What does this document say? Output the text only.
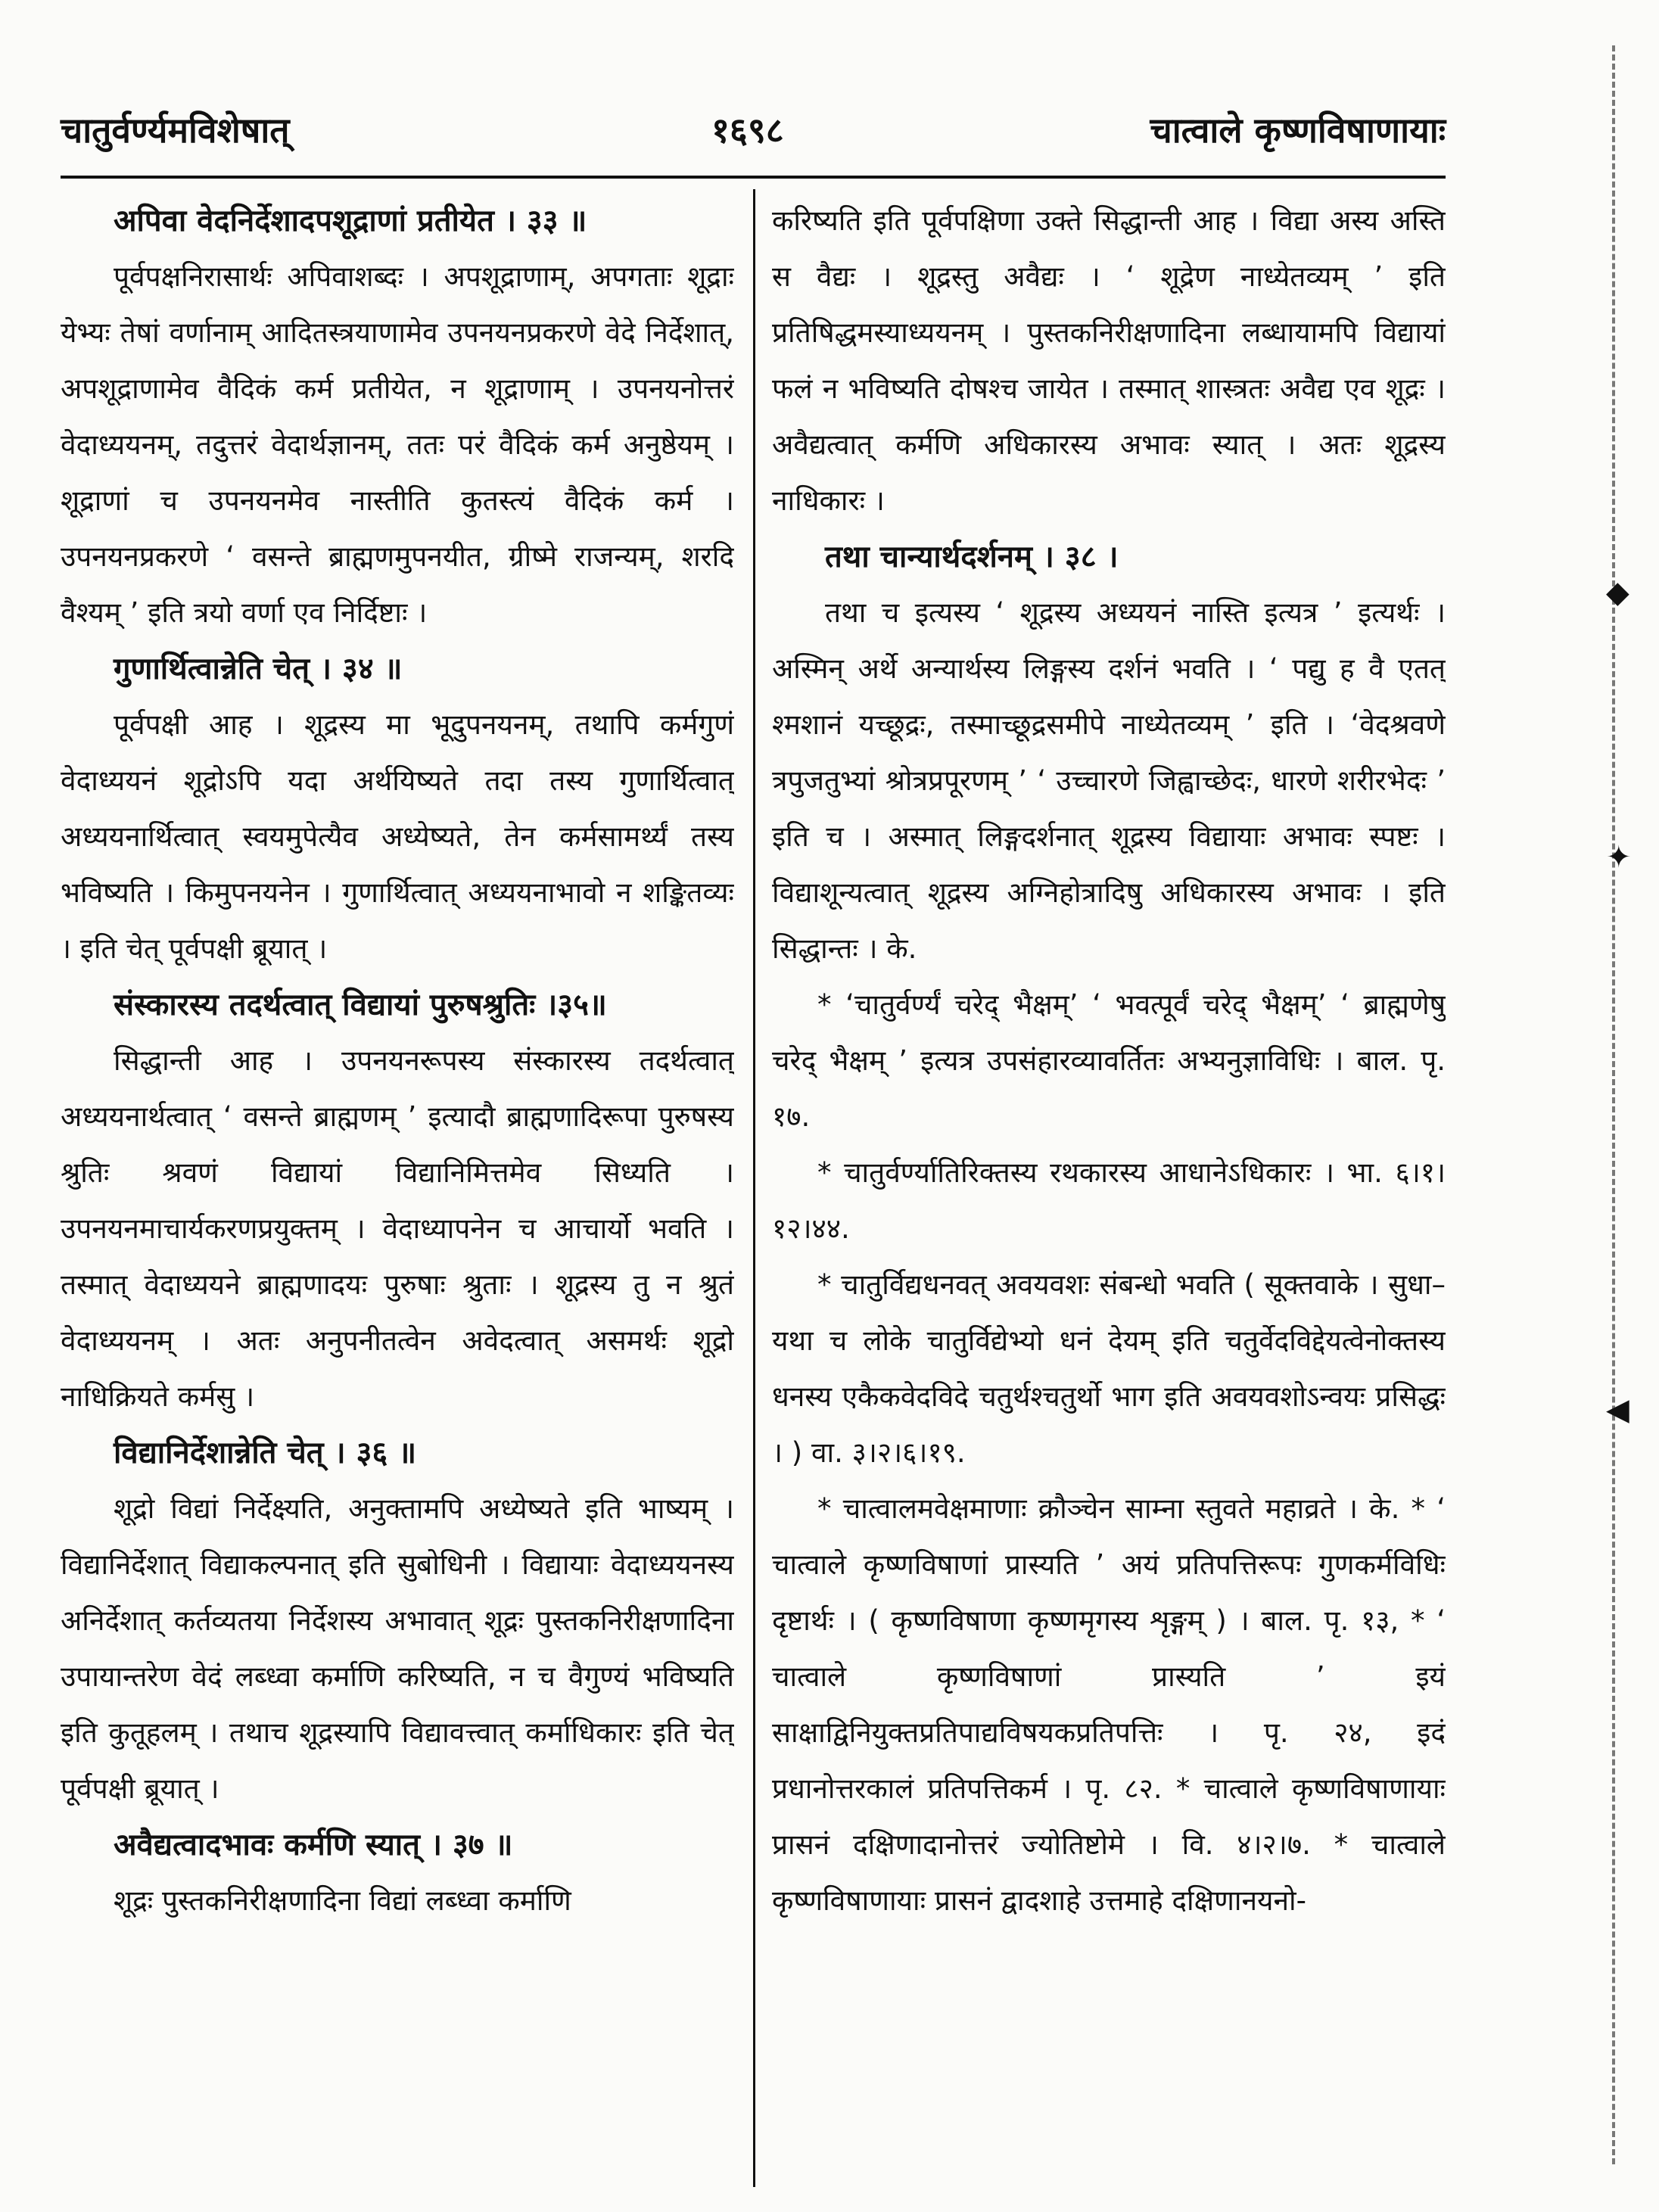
चातुर्वर्ण्यमविशेषात्	१६९८	चात्वाले कृष्णविषाणायाः

अपिवा वेदनिर्देशादपशूद्राणां प्रतीयेत । ३३ ॥

पूर्वपक्षनिरासार्थः अपिवाशब्दः । अपशूद्राणाम्, अपगताः शूद्राः येभ्यः तेषां वर्णानाम् आदितस्त्रयाणामेव उपनयनप्रकरणे वेदे निर्देशात्, अपशूद्राणामेव वैदिकं कर्म प्रतीयेत, न शूद्राणाम् । उपनयनोत्तरं वेदाध्ययनम्, तदुत्तरं वेदार्थज्ञानम्, ततः परं वैदिकं कर्म अनुष्ठेयम् । शूद्राणां च उपनयनमेव नास्तीति कुतस्त्यं वैदिकं कर्म । उपनयनप्रकरणे ‘ वसन्ते ब्राह्मणमुपनयीत, ग्रीष्मे राजन्यम्, शरदि वैश्यम् ’ इति त्रयो वर्णा एव निर्दिष्टाः ।

गुणार्थित्वान्नेति चेत् । ३४ ॥

पूर्वपक्षी आह । शूद्रस्य मा भूदुपनयनम्, तथापि कर्मगुणं वेदाध्ययनं शूद्रोऽपि यदा अर्थयिष्यते तदा तस्य गुणार्थित्वात् अध्ययनार्थित्वात् स्वयमुपेत्यैव अध्येष्यते, तेन कर्मसामर्थ्यं तस्य भविष्यति । किमुपनयनेन । गुणार्थित्वात् अध्ययनाभावो न शङ्कितव्यः । इति चेत् पूर्वपक्षी ब्रूयात् ।

संस्कारस्य तदर्थत्वात् विद्यायां पुरुषश्रुतिः ।३५॥

सिद्धान्ती आह । उपनयनरूपस्य संस्कारस्य तदर्थत्वात् अध्ययनार्थत्वात् ‘ वसन्ते ब्राह्मणम् ’ इत्यादौ ब्राह्मणादिरूपा पुरुषस्य श्रुतिः श्रवणं विद्यायां विद्यानिमित्तमेव सिध्यति । उपनयनमाचार्यकरणप्रयुक्तम् । वेदाध्यापनेन च आचार्यो भवति । तस्मात् वेदाध्ययने ब्राह्मणादयः पुरुषाः श्रुताः । शूद्रस्य तु न श्रुतं वेदाध्ययनम् । अतः अनुपनीतत्वेन अवेदत्वात् असमर्थः शूद्रो नाधिक्रियते कर्मसु ।

विद्यानिर्देशान्नेति चेत् । ३६ ॥

शूद्रो विद्यां निर्देक्ष्यति, अनुक्तामपि अध्येष्यते इति भाष्यम् । विद्यानिर्देशात् विद्याकल्पनात् इति सुबोधिनी । विद्यायाः वेदाध्ययनस्य अनिर्देशात् कर्तव्यतया निर्देशस्य अभावात् शूद्रः पुस्तकनिरीक्षणादिना उपायान्तरेण वेदं लब्ध्वा कर्माणि करिष्यति, न च वैगुण्यं भविष्यति इति कुतूहलम् । तथाच शूद्रस्यापि विद्यावत्त्वात् कर्माधिकारः इति चेत् पूर्वपक्षी ब्रूयात् ।

अवैद्यत्वादभावः कर्मणि स्यात् । ३७ ॥

शूद्रः पुस्तकनिरीक्षणादिना विद्यां लब्ध्वा कर्माणि

करिष्यति इति पूर्वपक्षिणा उक्ते सिद्धान्ती आह । विद्या अस्य अस्ति स वैद्यः । शूद्रस्तु अवैद्यः । ‘ शूद्रेण नाध्येतव्यम् ’ इति प्रतिषिद्धमस्याध्ययनम् । पुस्तकनिरीक्षणादिना लब्धायामपि विद्यायां फलं न भविष्यति दोषश्च जायेत । तस्मात् शास्त्रतः अवैद्य एव शूद्रः । अवैद्यत्वात् कर्मणि अधिकारस्य अभावः स्यात् । अतः शूद्रस्य नाधिकारः ।

तथा चान्यार्थदर्शनम् । ३८ ।

तथा च इत्यस्य ‘ शूद्रस्य अध्ययनं नास्ति इत्यत्र ’ इत्यर्थः । अस्मिन् अर्थे अन्यार्थस्य लिङ्गस्य दर्शनं भवति । ‘ पद्यु ह वै एतत् श्मशानं यच्छूद्रः, तस्माच्छूद्रसमीपे नाध्येतव्यम् ’ इति । ‘वेदश्रवणे त्रपुजतुभ्यां श्रोत्रप्रपूरणम् ’ ‘ उच्चारणे जिह्वाच्छेदः, धारणे शरीरभेदः ’ इति च । अस्मात् लिङ्गदर्शनात् शूद्रस्य विद्यायाः अभावः स्पष्टः । विद्याशून्यत्वात् शूद्रस्य अग्निहोत्रादिषु अधिकारस्य अभावः । इति सिद्धान्तः । के.

* ‘चातुर्वर्ण्यं चरेद् भैक्षम्’ ‘ भवत्पूर्वं चरेद् भैक्षम्’ ‘ ब्राह्मणेषु चरेद् भैक्षम् ’ इत्यत्र उपसंहारव्यावर्तितः अभ्यनुज्ञाविधिः । बाल. पृ. १७.

* चातुर्वर्ण्यातिरिक्तस्य रथकारस्य आधानेऽधिकारः । भा. ६।१।१२।४४.

* चातुर्विद्यधनवत् अवयवशः संबन्धो भवति ( सूक्तवाके । सुधा– यथा च लोके चातुर्विद्येभ्यो धनं देयम् इति चतुर्वेदविद्देयत्वेनोक्तस्य धनस्य एकैकवेदविदे चतुर्थश्चतुर्थो भाग इति अवयवशोऽन्वयः प्रसिद्धः । ) वा. ३।२।६।१९.

* चात्वालमवेक्षमाणाः क्रौञ्चेन साम्ना स्तुवते महाव्रते । के. * ‘ चात्वाले कृष्णविषाणां प्रास्यति ’ अयं प्रतिपत्तिरूपः गुणकर्मविधिः दृष्टार्थः । ( कृष्णविषाणा कृष्णमृगस्य शृङ्गम् ) । बाल. पृ. १३, * ‘ चात्वाले कृष्णविषाणां प्रास्यति ’ इयं साक्षाद्विनियुक्तप्रतिपाद्यविषयकप्रतिपत्तिः । पृ. २४, इदं प्रधानोत्तरकालं प्रतिपत्तिकर्म । पृ. ८२. * चात्वाले कृष्णविषाणायाः प्रासनं दक्षिणादानोत्तरं ज्योतिष्टोमे । वि. ४।२।७. * चात्वाले कृष्णविषाणायाः प्रासनं द्वादशाहे उत्तमाहे दक्षिणानयनो-

◆
✦
◀
